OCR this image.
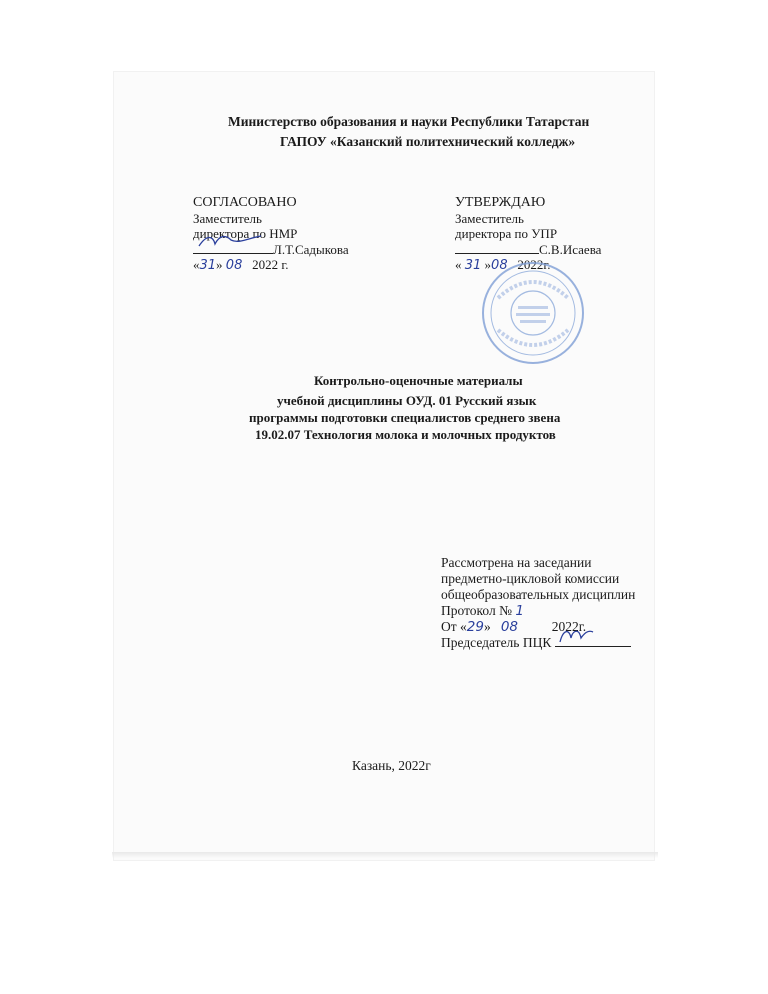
Министерство образования и науки Республики Татарстан
ГАПОУ «Казанский политехнический колледж»
СОГЛАСОВАНО
Заместитель
директора по НМР
Л.Т.Садыкова
«31» 08 2022 г.
УТВЕРЖДАЮ
Заместитель
директора по УПР
С.В.Исаева
« 31 »08 2022г.
Контрольно-оценочные материалы
учебной дисциплины ОУД. 01 Русский язык
программы подготовки специалистов среднего звена
19.02.07 Технология молока и молочных продуктов
Рассмотрена на заседании
предметно-цикловой комиссии
общеобразовательных дисциплин
Протокол № 1
От «29» 08	2022г.
Председатель ПЦК
Казань, 2022г
